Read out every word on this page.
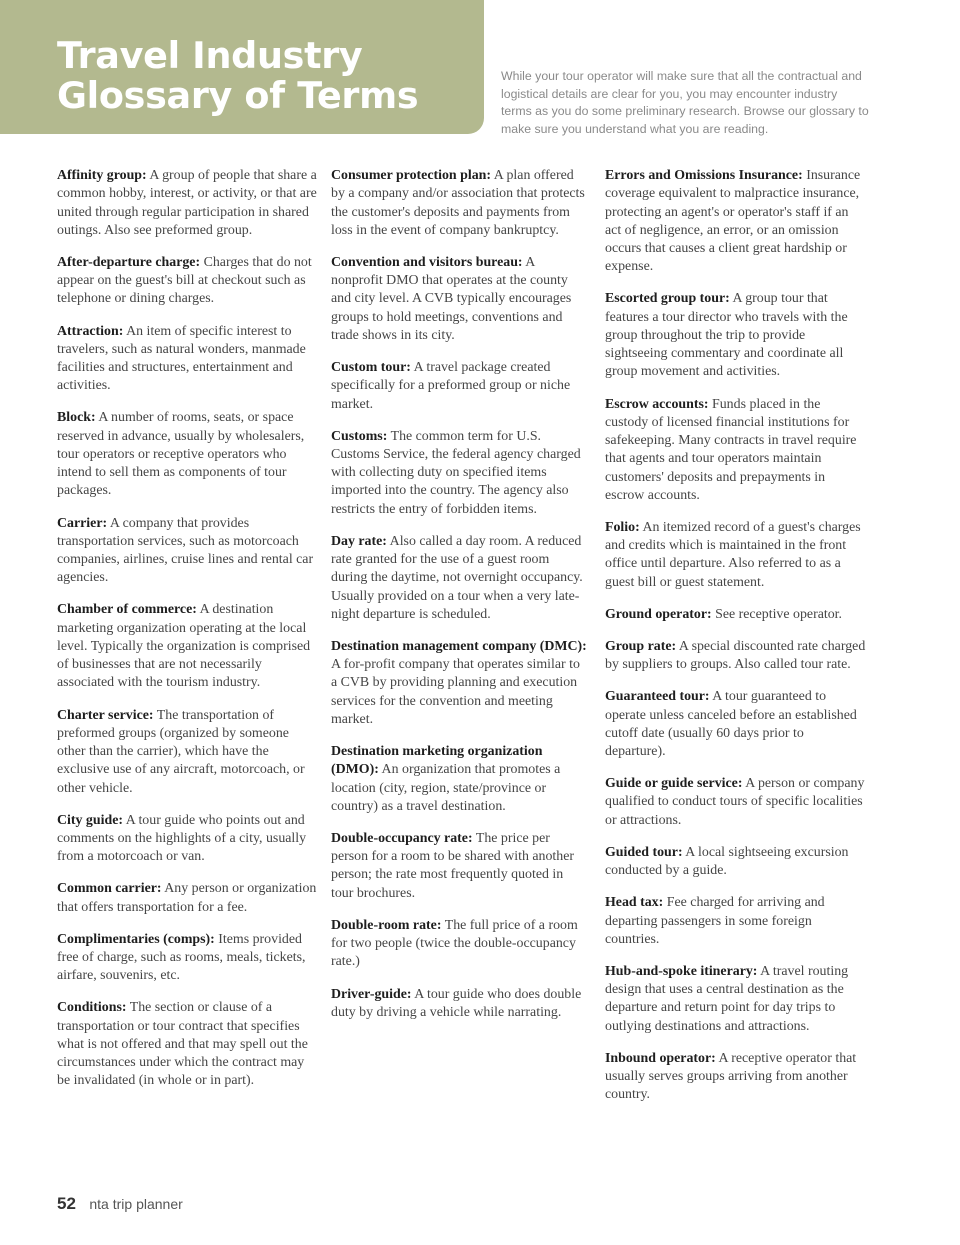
Travel Industry
Glossary of Terms	While your tour operator will make sure that all the contractual and logistical details are clear for you, you may encounter industry terms as you do some preliminary research. Browse our glossary to make sure you understand what you are reading.

Affinity group: A group of people that share a common hobby, interest, or activity, or that are united through regular participation in shared outings. Also see preformed group.

After-departure charge: Charges that do not appear on the guest's bill at checkout such as telephone or dining charges.

Attraction: An item of specific interest to travelers, such as natural wonders, manmade facilities and structures, entertainment and activities.

Block: A number of rooms, seats, or space reserved in advance, usually by wholesalers, tour operators or receptive operators who intend to sell them as components of tour packages.

Carrier: A company that provides transportation services, such as motorcoach companies, airlines, cruise lines and rental car agencies.

Chamber of commerce: A destination marketing organization operating at the local level. Typically the organization is comprised of businesses that are not necessarily associated with the tourism industry.

Charter service: The transportation of preformed groups (organized by someone other than the carrier), which have the exclusive use of any aircraft, motorcoach, or other vehicle.

City guide: A tour guide who points out and comments on the highlights of a city, usually from a motorcoach or van.

Common carrier: Any person or organization that offers transportation for a fee.

Complimentaries (comps): Items provided free of charge, such as rooms, meals, tickets, airfare, souvenirs, etc.

Conditions: The section or clause of a transportation or tour contract that specifies what is not offered and that may spell out the circumstances under which the contract may be invalidated (in whole or in part).

Consumer protection plan: A plan offered by a company and/or association that protects the customer's deposits and payments from loss in the event of company bankruptcy.

Convention and visitors bureau: A nonprofit DMO that operates at the county and city level. A CVB typically encourages groups to hold meetings, conventions and trade shows in its city.

Custom tour: A travel package created specifically for a preformed group or niche market.

Customs: The common term for U.S. Customs Service, the federal agency charged with collecting duty on specified items imported into the country. The agency also restricts the entry of forbidden items.

Day rate: Also called a day room. A reduced rate granted for the use of a guest room during the daytime, not overnight occupancy. Usually provided on a tour when a very late-night departure is scheduled.

Destination management company (DMC): A for-profit company that operates similar to a CVB by providing planning and execution services for the convention and meeting market.

Destination marketing organization (DMO): An organization that promotes a location (city, region, state/province or country) as a travel destination.

Double-occupancy rate: The price per person for a room to be shared with another person; the rate most frequently quoted in tour brochures.

Double-room rate: The full price of a room for two people (twice the double-occupancy rate.)

Driver-guide: A tour guide who does double duty by driving a vehicle while narrating.

Errors and Omissions Insurance: Insurance coverage equivalent to malpractice insurance, protecting an agent's or operator's staff if an act of negligence, an error, or an omission occurs that causes a client great hardship or expense.

Escorted group tour: A group tour that features a tour director who travels with the group throughout the trip to provide sightseeing commentary and coordinate all group movement and activities.

Escrow accounts: Funds placed in the custody of licensed financial institutions for safekeeping. Many contracts in travel require that agents and tour operators maintain customers' deposits and prepayments in escrow accounts.

Folio: An itemized record of a guest's charges and credits which is maintained in the front office until departure. Also referred to as a guest bill or guest statement.

Ground operator: See receptive operator.

Group rate: A special discounted rate charged by suppliers to groups. Also called tour rate.

Guaranteed tour: A tour guaranteed to operate unless canceled before an established cutoff date (usually 60 days prior to departure).

Guide or guide service: A person or company qualified to conduct tours of specific localities or attractions.

Guided tour: A local sightseeing excursion conducted by a guide.

Head tax: Fee charged for arriving and departing passengers in some foreign countries.

Hub-and-spoke itinerary: A travel routing design that uses a central destination as the departure and return point for day trips to outlying destinations and attractions.

Inbound operator: A receptive operator that usually serves groups arriving from another country.

52 nta trip planner
